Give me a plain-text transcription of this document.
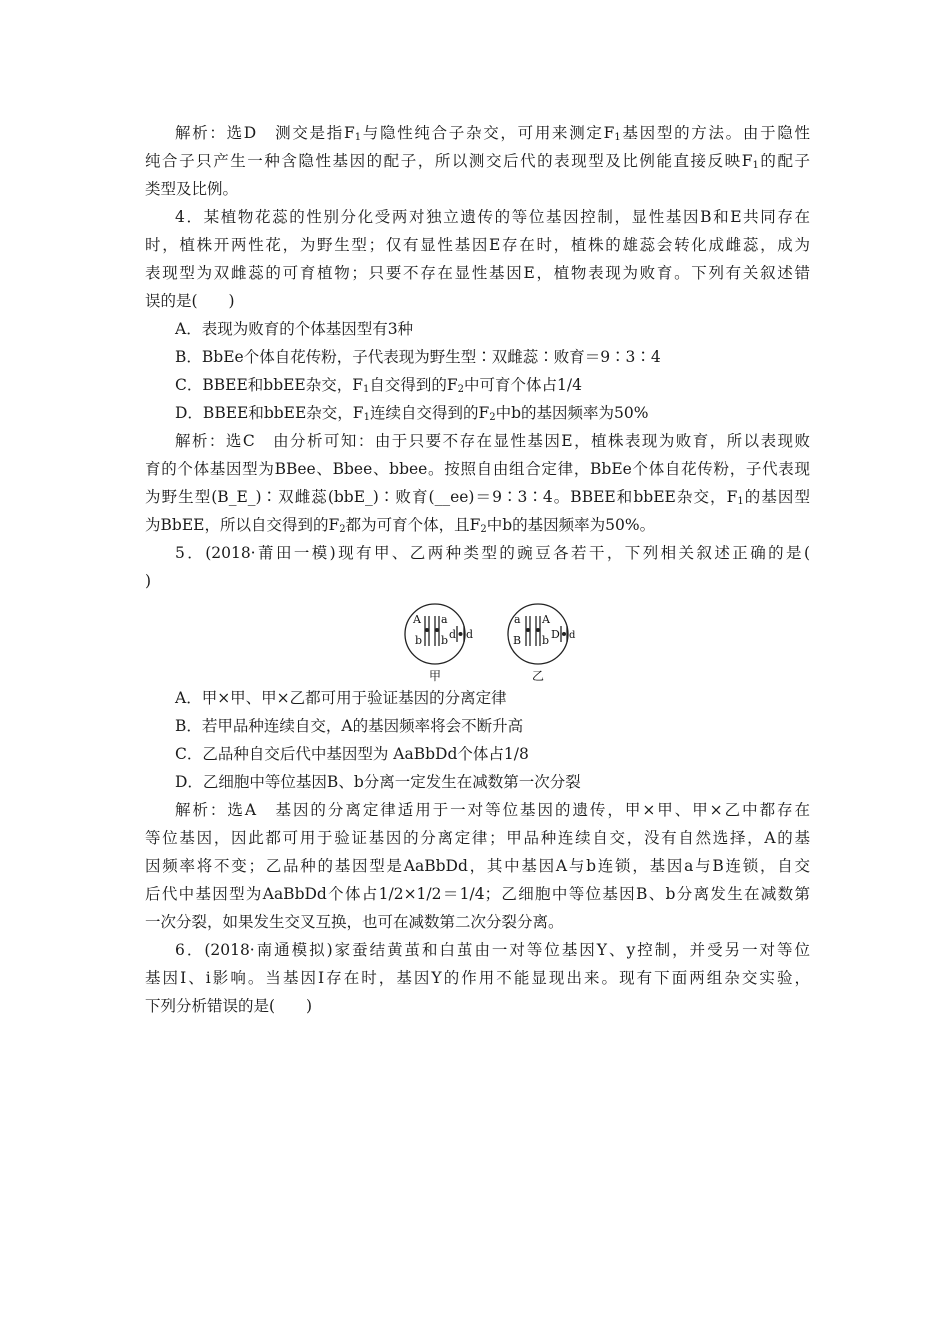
解析：选D　测交是指$F_1$与隐性纯合子杂交，可用来测定$F_1$基因型的方法。由于隐性
纯合子只产生一种含隐性基因的配子，所以测交后代的表现型及比例能直接反映$F_1$的配子
类型及比例。
4．某植物花蕊的性别分化受两对独立遗传的等位基因控制，显性基因B和E共同存在
时，植株开两性花，为野生型；仅有显性基因E存在时，植株的雄蕊会转化成雌蕊，成为
表现型为双雌蕊的可育植物；只要不存在显性基因E，植物表现为败育。下列有关叙述错
误的是(　　)
A．表现为败育的个体基因型有3种
B．BbEe个体自花传粉，子代表现为野生型∶双雌蕊∶败育＝9∶3∶4
C．BBEE和bbEE杂交，$F_1$自交得到的$F_2$中可育个体占1/4
D．BBEE和bbEE杂交，$F_1$连续自交得到的$F_2$中b的基因频率为50%
解析：选C　由分析可知：由于只要不存在显性基因E，植株表现为败育，所以表现败
育的个体基因型为BBee、Bbee、bbee。按照自由组合定律，BbEe个体自花传粉，子代表现
为野生型(B_E_)∶双雌蕊(bbE_)∶败育(__ee)＝9∶3∶4。BBEE和bbEE杂交，$F_1$的基因型
为BbEE，所以自交得到的$F_2$都为可育个体，且$F_2$中b的基因频率为50%。
5．(2018·莆田一模)现有甲、乙两种类型的豌豆各若干，下列相关叙述正确的是(
)
A a
b b d d
甲
a A
B b D d
乙
A．甲×甲、甲×乙都可用于验证基因的分离定律
B．若甲品种连续自交，A的基因频率将会不断升高
C．乙品种自交后代中基因型为 AaBbDd个体占1/8
D．乙细胞中等位基因B、b分离一定发生在减数第一次分裂
解析：选A　基因的分离定律适用于一对等位基因的遗传，甲×甲、甲×乙中都存在
等位基因，因此都可用于验证基因的分离定律；甲品种连续自交，没有自然选择，A的基
因频率将不变；乙品种的基因型是AaBbDd，其中基因A与b连锁，基因a与B连锁，自交
后代中基因型为AaBbDd个体占1/2×1/2＝1/4；乙细胞中等位基因B、b分离发生在减数第
一次分裂，如果发生交叉互换，也可在减数第二次分裂分离。
6．(2018·南通模拟)家蚕结黄茧和白茧由一对等位基因Y、y控制，并受另一对等位
基因I、i影响。当基因I存在时，基因Y的作用不能显现出来。现有下面两组杂交实验，
下列分析错误的是(　　)
